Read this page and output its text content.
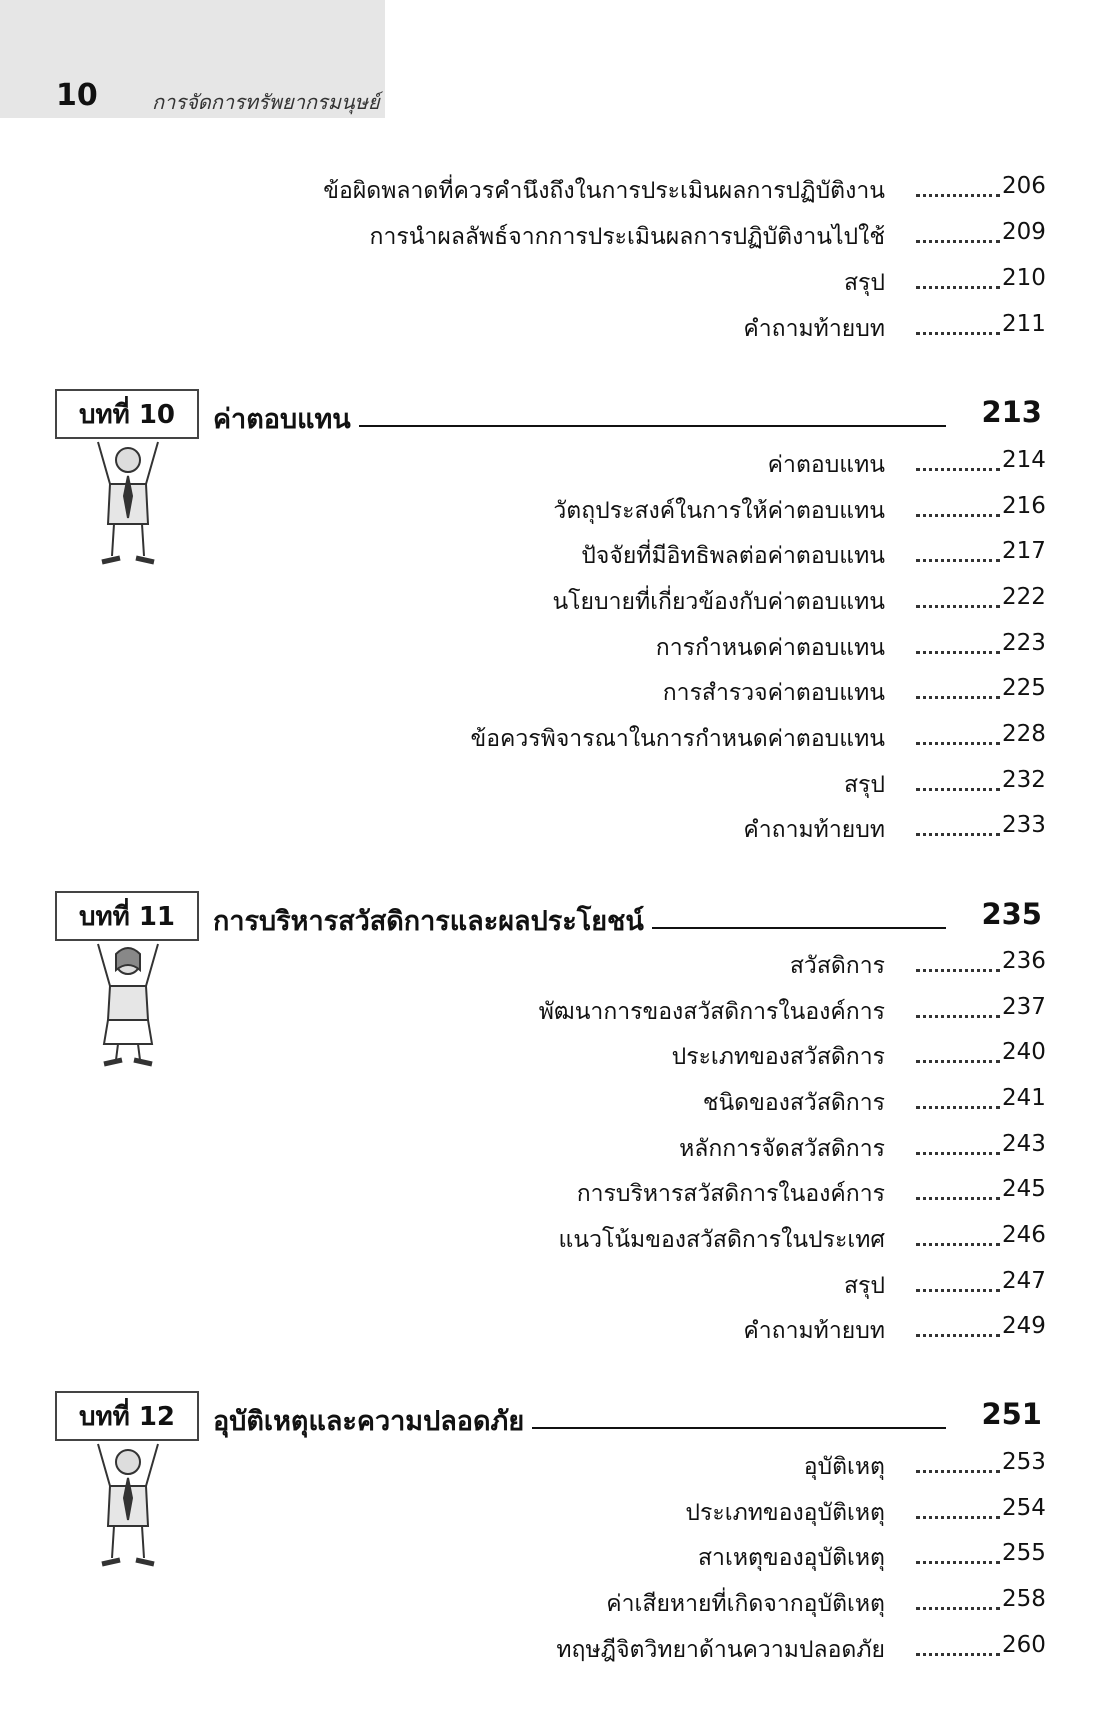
10	การจัดการทรัพยากรมนุษย์
ข้อผิดพลาดที่ควรคำนึงถึงในการประเมินผลการปฏิบัติงาน	206
การนำผลลัพธ์จากการประเมินผลการปฏิบัติงานไปใช้	209
สรุป	210
คำถามท้ายบท	211
บทที่ 10	ค่าตอบแทน	213
ค่าตอบแทน	214
วัตถุประสงค์ในการให้ค่าตอบแทน	216
ปัจจัยที่มีอิทธิพลต่อค่าตอบแทน	217
นโยบายที่เกี่ยวข้องกับค่าตอบแทน	222
การกำหนดค่าตอบแทน	223
การสำรวจค่าตอบแทน	225
ข้อควรพิจารณาในการกำหนดค่าตอบแทน	228
สรุป	232
คำถามท้ายบท	233
บทที่ 11	การบริหารสวัสดิการและผลประโยชน์	235
สวัสดิการ	236
พัฒนาการของสวัสดิการในองค์การ	237
ประเภทของสวัสดิการ	240
ชนิดของสวัสดิการ	241
หลักการจัดสวัสดิการ	243
การบริหารสวัสดิการในองค์การ	245
แนวโน้มของสวัสดิการในประเทศ	246
สรุป	247
คำถามท้ายบท	249
บทที่ 12	อุบัติเหตุและความปลอดภัย	251
อุบัติเหตุ	253
ประเภทของอุบัติเหตุ	254
สาเหตุของอุบัติเหตุ	255
ค่าเสียหายที่เกิดจากอุบัติเหตุ	258
ทฤษฎีจิตวิทยาด้านความปลอดภัย	260
